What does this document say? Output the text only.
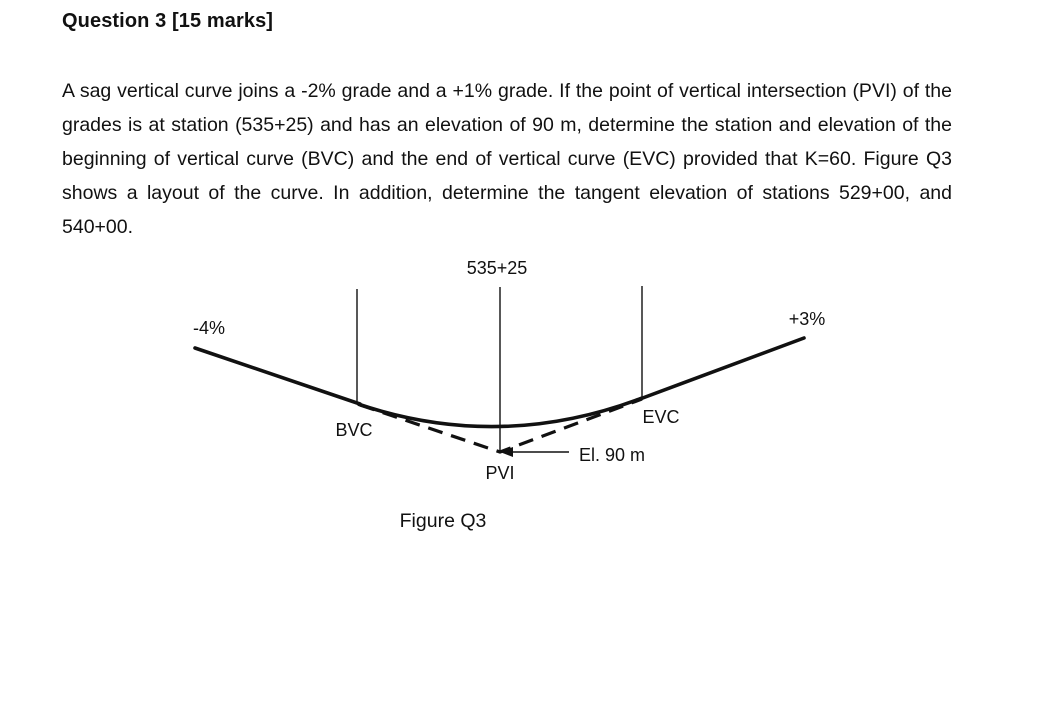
Question 3 [15 marks]

A sag vertical curve joins a -2% grade and a +1% grade. If the point of vertical intersection (PVI) of the grades is at station (535+25) and has an elevation of 90 m, determine the station and elevation of the beginning of vertical curve (BVC) and the end of vertical curve (EVC) provided that K=60. Figure Q3 shows a layout of the curve. In addition, determine the tangent elevation of stations 529+00, and 540+00.

535+25
-4%	+3%
BVC
EVC
El. 90 m
PVI
Figure Q3
